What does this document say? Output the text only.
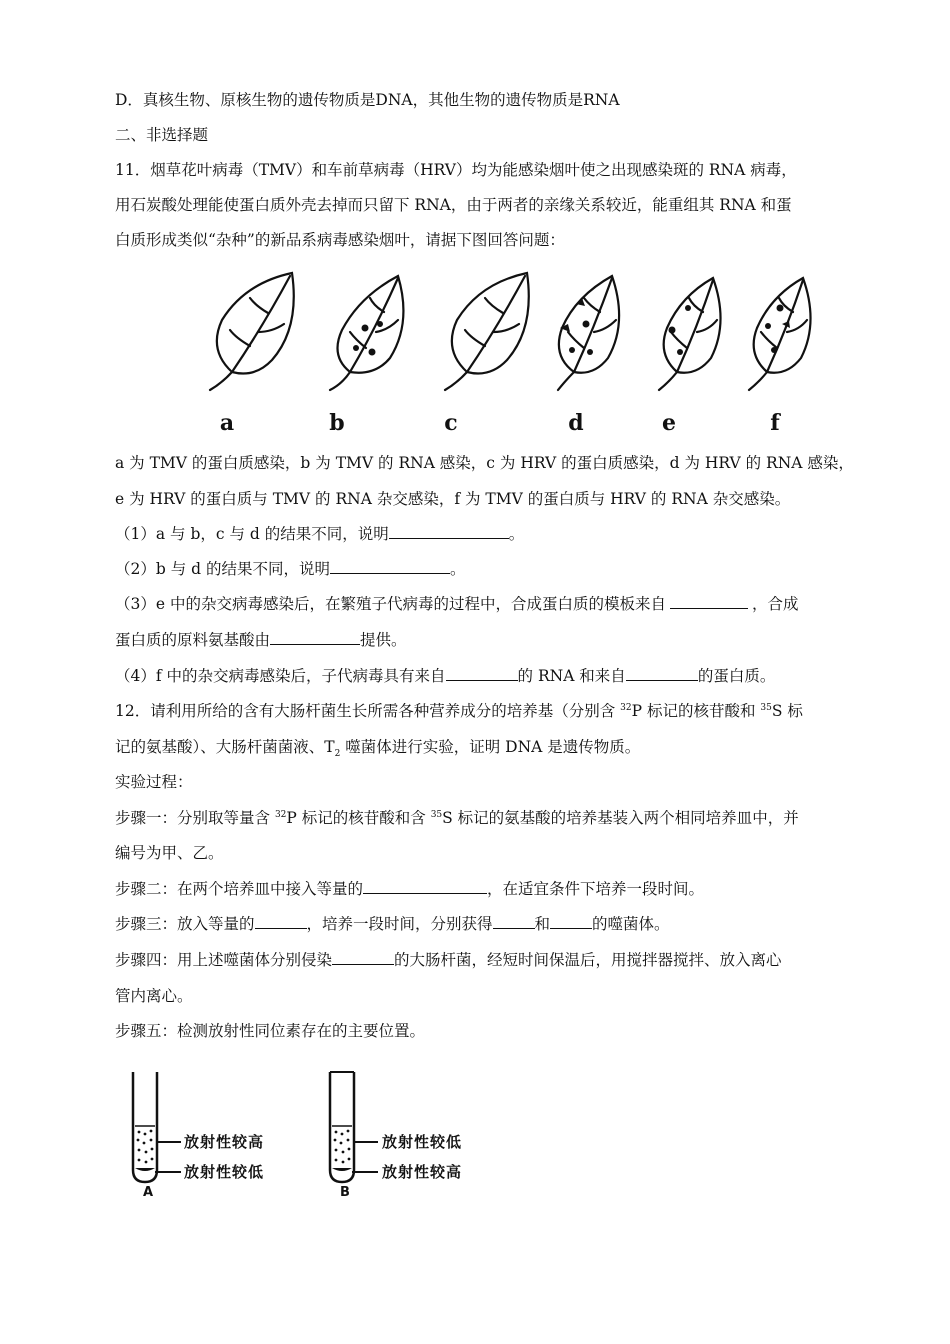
D．真核生物、原核生物的遗传物质是DNA，其他生物的遗传物质是RNA
二、非选择题
11．烟草花叶病毒（TMV）和车前草病毒（HRV）均为能感染烟叶使之出现感染斑的 RNA 病毒，
用石炭酸处理能使蛋白质外壳去掉而只留下 RNA，由于两者的亲缘关系较近，能重组其 RNA 和蛋
白质形成类似“杂种”的新品系病毒感染烟叶，请据下图回答问题：
a	b	c	d	e	f
a 为 TMV 的蛋白质感染，b 为 TMV 的 RNA 感染，c 为 HRV 的蛋白质感染，d 为 HRV 的 RNA 感染，
e 为 HRV 的蛋白质与 TMV 的 RNA 杂交感染，f 为 TMV 的蛋白质与 HRV 的 RNA 杂交感染。
（1）a 与 b，c 与 d 的结果不同，说明	。
（2）b 与 d 的结果不同，说明	。
（3）e 中的杂交病毒感染后，在繁殖子代病毒的过程中，合成蛋白质的模板来自	，合成
蛋白质的原料氨基酸由	提供。
（4）f 中的杂交病毒感染后，子代病毒具有来自	的 RNA 和来自	的蛋白质。
12．请利用所给的含有大肠杆菌生长所需各种营养成分的培养基（分别含 $^{32}$P 标记的核苷酸和 $^{35}$S 标
记的氨基酸）、大肠杆菌菌液、$T_2$ 噬菌体进行实验，证明 DNA 是遗传物质。
实验过程：
步骤一：分别取等量含 $^{32}$P 标记的核苷酸和含 $^{35}$S 标记的氨基酸的培养基装入两个相同培养皿中，并
编号为甲、乙。
步骤二：在两个培养皿中接入等量的	，在适宜条件下培养一段时间。
步骤三：放入等量的	，培养一段时间，分别获得	和	的噬菌体。
步骤四：用上述噬菌体分别侵染	的大肠杆菌，经短时间保温后，用搅拌器搅拌、放入离心
管内离心。
步骤五：检测放射性同位素存在的主要位置。
放射性较高
放射性较低
A
放射性较低
放射性较高
B
